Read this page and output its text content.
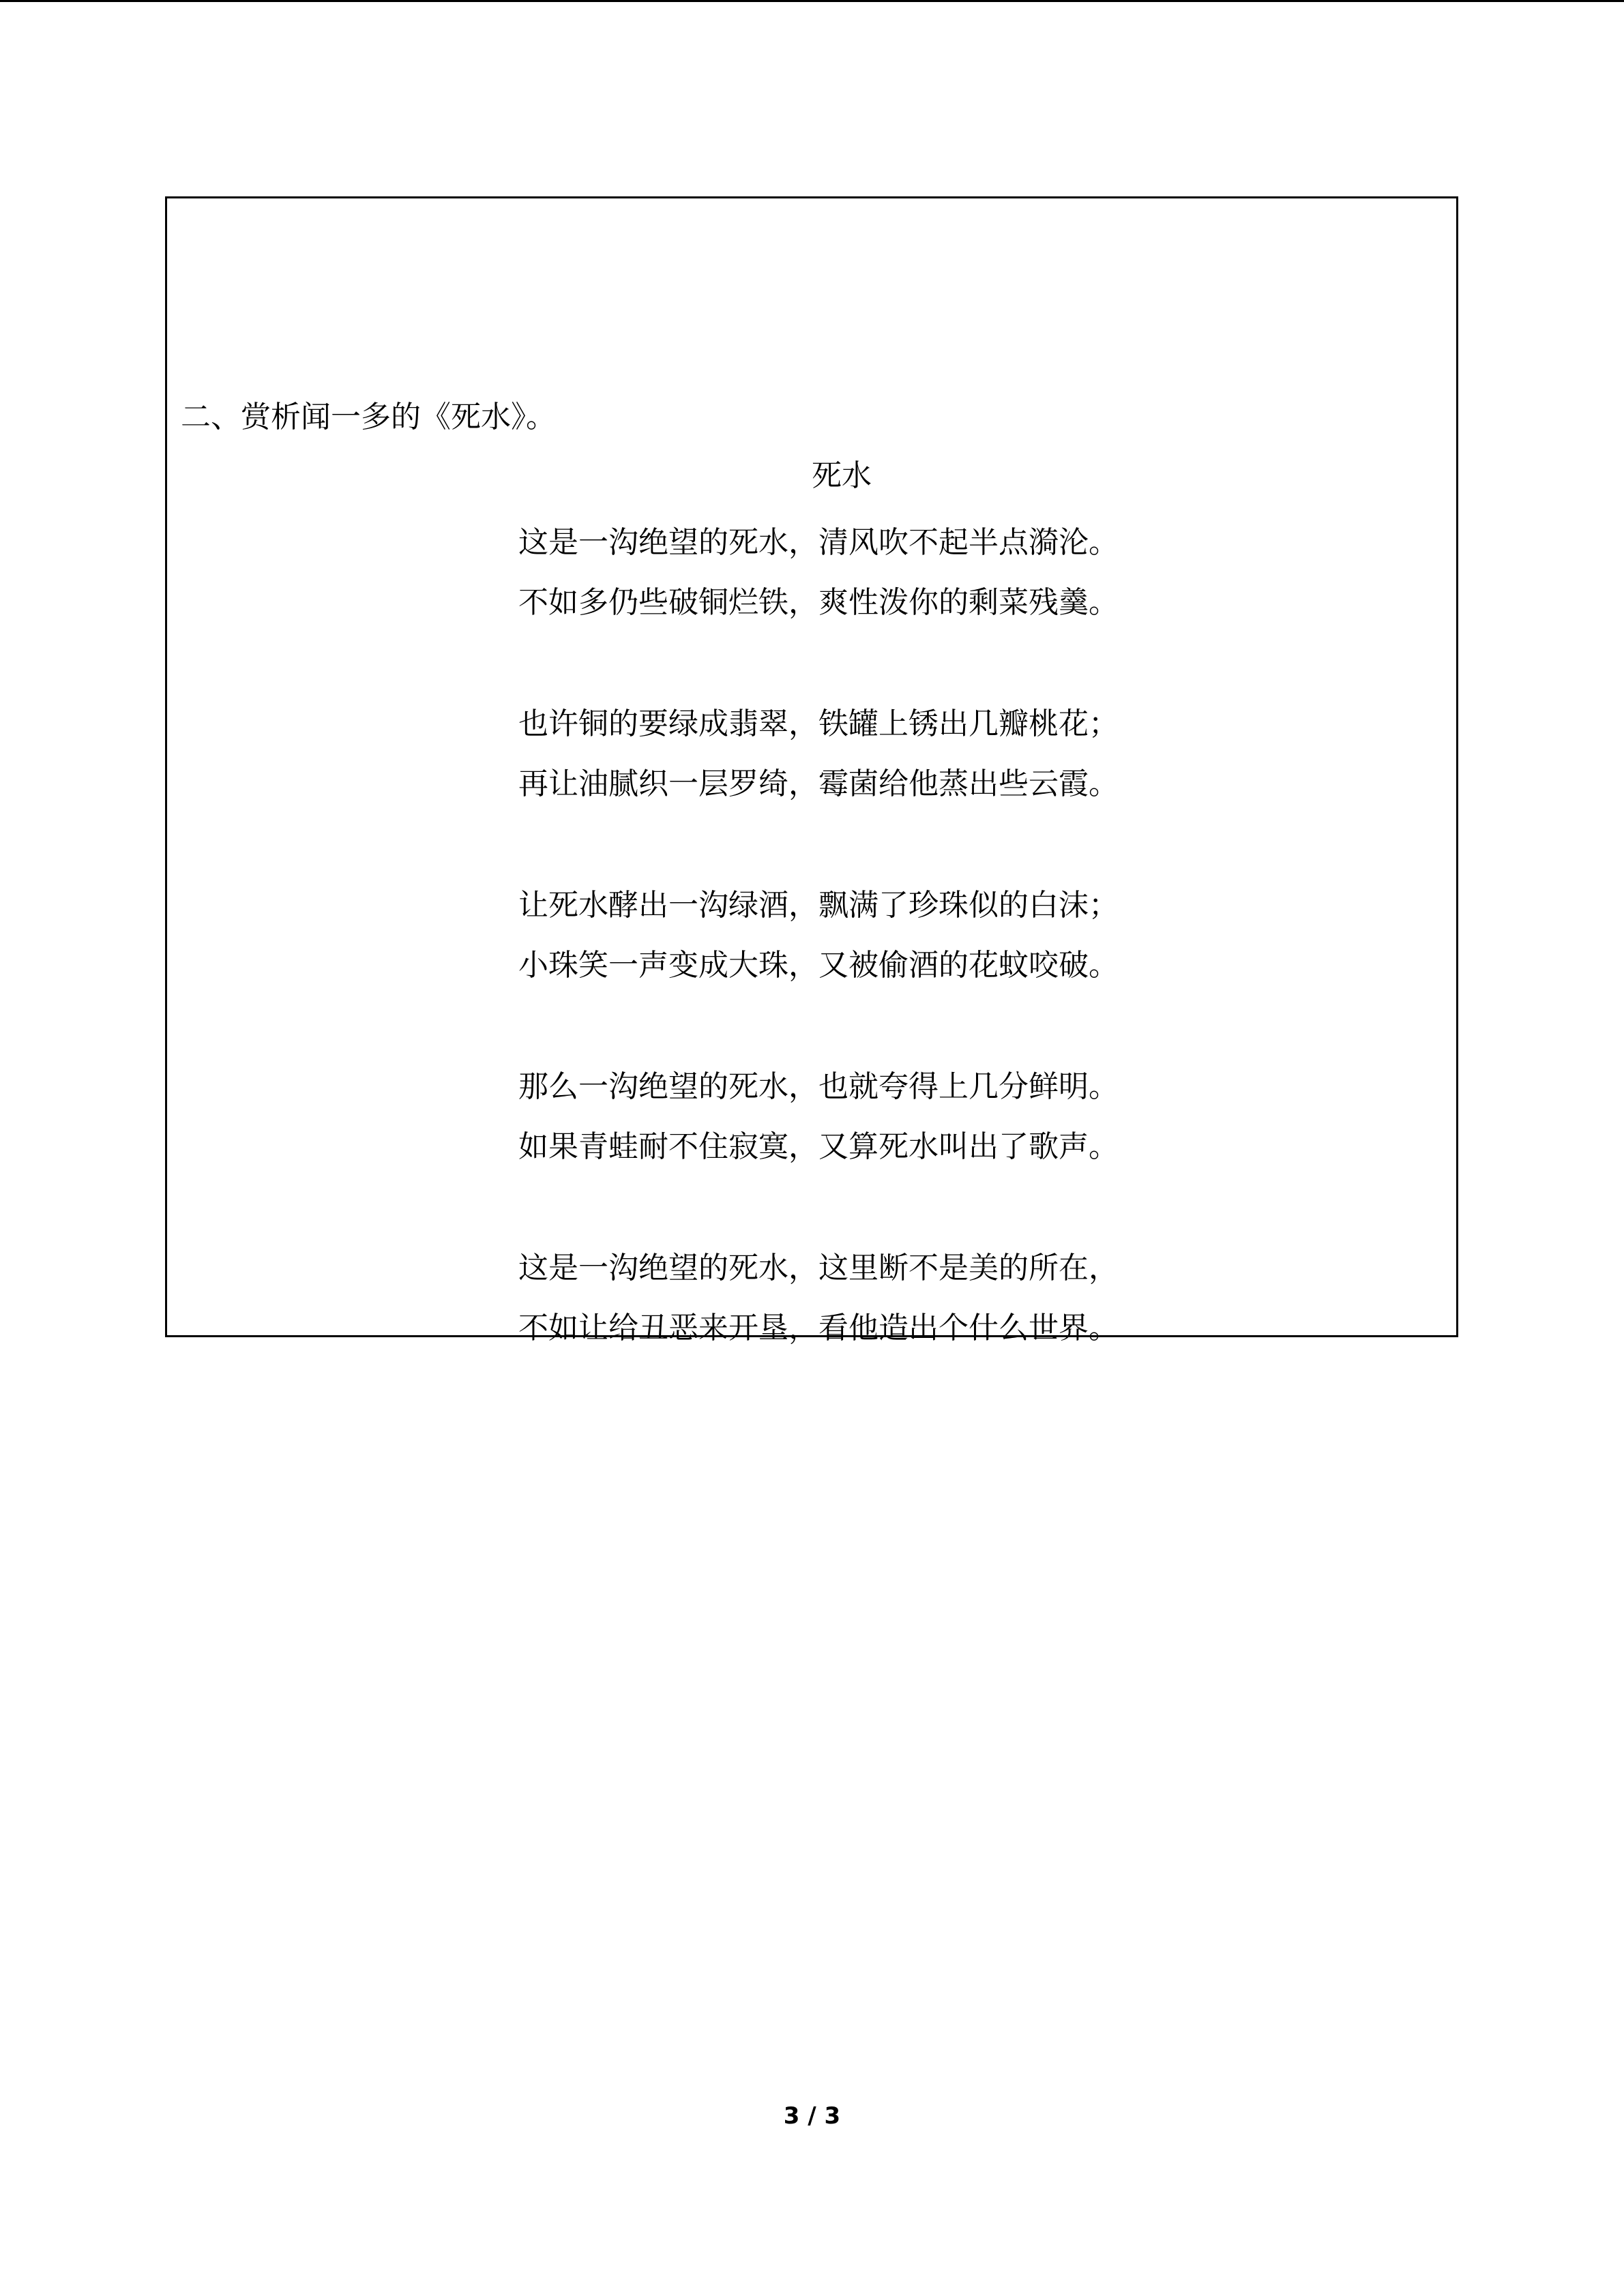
二、赏析闻一多的《死水》。
死水

这是一沟绝望的死水，清风吹不起半点漪沦。

不如多仍些破铜烂铁，爽性泼你的剩菜残羹。

也许铜的要绿成翡翠，铁罐上锈出几瓣桃花；

再让油腻织一层罗绮，霉菌给他蒸出些云霞。

让死水酵出一沟绿酒，飘满了珍珠似的白沫；

小珠笑一声变成大珠，又被偷酒的花蚊咬破。

那么一沟绝望的死水，也就夸得上几分鲜明。

如果青蛙耐不住寂寞，又算死水叫出了歌声。

这是一沟绝望的死水，这里断不是美的所在，

不如让给丑恶来开垦，看他造出个什么世界。

3 / 3
